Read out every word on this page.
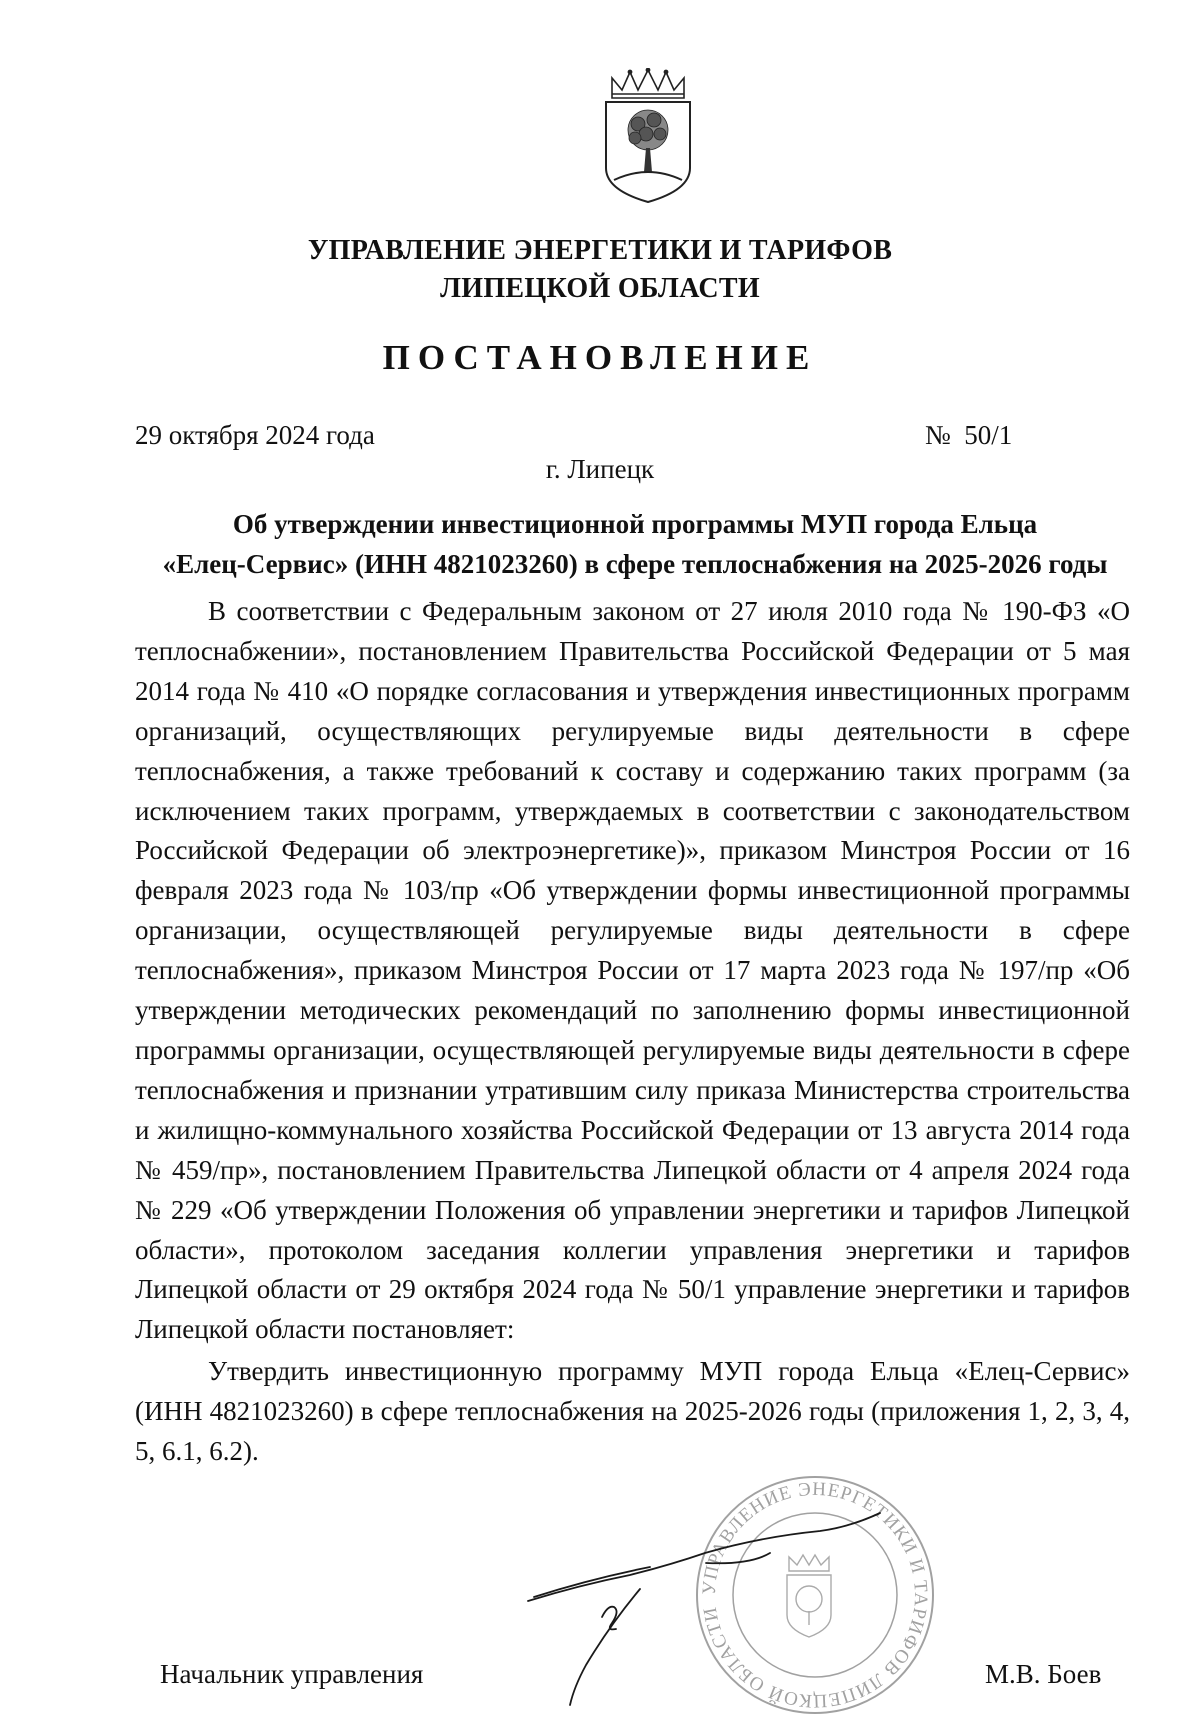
УПРАВЛЕНИЕ ЭНЕРГЕТИКИ И ТАРИФОВ
ЛИПЕЦКОЙ ОБЛАСТИ
ПОСТАНОВЛЕНИЕ
29 октября 2024 года	№  50/1
г. Липецк
Об утверждении инвестиционной программы МУП города Ельца
«Елец-Сервис» (ИНН 4821023260) в сфере теплоснабжения на 2025-2026 годы
В соответствии с Федеральным законом от 27 июля 2010 года № 190-ФЗ «О теплоснабжении», постановлением Правительства Российской Федерации от 5 мая 2014 года № 410 «О порядке согласования и утверждения инвестиционных программ организаций, осуществляющих регулируемые виды деятельности в сфере теплоснабжения, а также требований к составу и содержанию таких программ (за исключением таких программ, утверждаемых в соответствии с законодательством Российской Федерации об электроэнергетике)», приказом Минстроя России от 16 февраля 2023 года № 103/пр «Об утверждении формы инвестиционной программы организации, осуществляющей регулируемые виды деятельности в сфере теплоснабжения», приказом Минстроя России от 17 марта 2023 года № 197/пр «Об утверждении методических рекомендаций по заполнению формы инвестиционной программы организации, осуществляющей регулируемые виды деятельности в сфере теплоснабжения и признании утратившим силу приказа Министерства строительства и жилищно-коммунального хозяйства Российской Федерации от 13 августа 2014 года № 459/пр», постановлением Правительства Липецкой области от 4 апреля 2024 года № 229 «Об утверждении Положения об управлении энергетики и тарифов Липецкой области», протоколом заседания коллегии управления энергетики и тарифов Липецкой области от 29 октября 2024 года № 50/1 управление энергетики и тарифов Липецкой области постановляет:
Утвердить инвестиционную программу МУП города Ельца «Елец-Сервис» (ИНН 4821023260) в сфере теплоснабжения на 2025-2026 годы (приложения 1, 2, 3, 4, 5, 6.1, 6.2).
УПРАВЛЕНИЕ ЭНЕРГЕТИКИ И ТАРИФОВ ЛИПЕЦКОЙ ОБЛАСТИ
Начальник управления	М.В. Боев
